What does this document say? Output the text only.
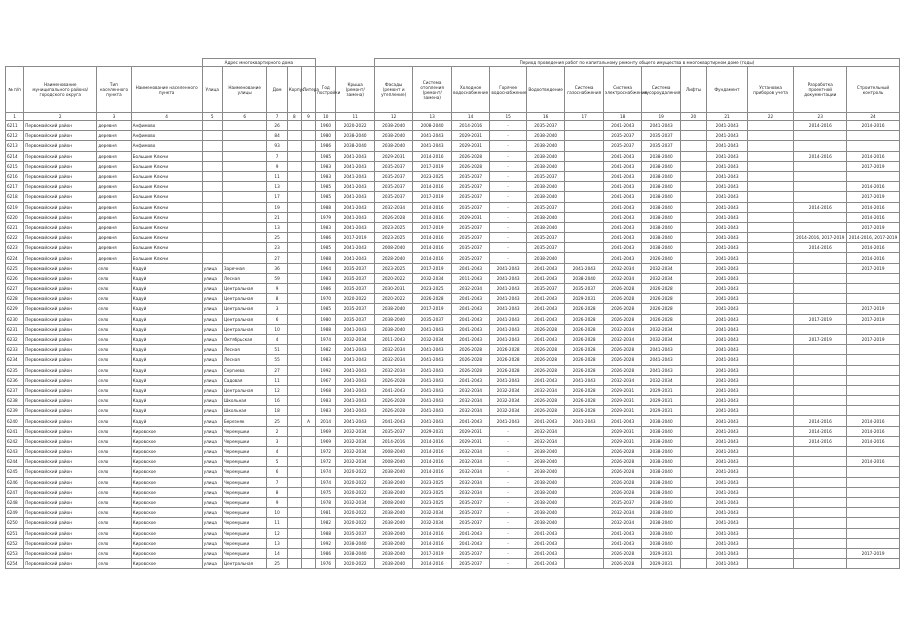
				Адрес многоквартирного дома							Период проведения работ по капитальному ремонту общего имущества в многоквартирном доме (годы)												
№ п/п	Наименование муниципального района/городского округа	Тип населенного пункта	Наименование населенного пункта	Улица	Наименование улицы	Дом	Корпус	Литера	Год постройки	Крыша (ремонт/замена)	Фасады (ремонт и утепление)	Система отопления (ремонт/замена)	Холодное водоснабжение	Горячее водоснабжение	Водоотведение	Система газоснабжения	Система электроснабжения	Система мусороудаления	Лифты	Фундамент	Установка приборов учета	Разработка проектной документации	Строительный контроль
1	2	3	4	5	6	7	8	9	10	11	12	13	14	15	16	17	18	19	20	21	22	23	24
6211	Первомайский район	деревня	Анфимово			26			1960	2020-2022	2038-2040	2008-2040	2014-2016	-	2035-2037		2041-2043	2041-2043		2041-2043		2014-2016	2014-2016
6212	Первомайский район	деревня	Анфимово			84			1980	2038-2040	2038-2040	2041-2043	2029-2031	-	2038-2040		2035-2037	2035-2037		2041-2043			
6213	Первомайский район	деревня	Анфимово			93			1986	2038-2040	2038-2040	2041-2043	2029-2031	-	2038-2040		2035-2037	2035-2037		2041-2043			
6214	Первомайский район	деревня	Большие Ключи			7			1985	2041-2043	2029-2031	2014-2016	2026-2028	-	2038-2040		2041-2043	2038-2040		2041-2043		2014-2016	2014-2016
6215	Первомайский район	деревня	Большие Ключи			9			1983	2041-2043	2035-2037	2017-2019	2026-2028	-	2038-2040		2041-2043	2038-2040		2041-2043			2017-2019
6216	Первомайский район	деревня	Большие Ключи			11			1983	2041-2043	2035-2037	2023-2025	2035-2037	-	2035-2037		2041-2043	2038-2040		2041-2043			
6217	Первомайский район	деревня	Большие Ключи			13			1985	2041-2043	2035-2037	2014-2016	2035-2037	-	2038-2040		2041-2043	2038-2040		2041-2043			2014-2016
6218	Первомайский район	деревня	Большие Ключи			17			1985	2041-2043	2035-2037	2017-2019	2035-2037	-	2038-2040		2041-2043	2038-2040		2041-2043			2017-2019
6219	Первомайский район	деревня	Большие Ключи			19			1988	2041-2043	2032-2034	2014-2016	2035-2037	-	2035-2037		2041-2043	2038-2040		2041-2043		2014-2016	2014-2016
6220	Первомайский район	деревня	Большие Ключи			21			1979	2041-2043	2026-2028	2014-2016	2029-2031	-	2038-2040		2041-2043	2038-2040		2041-2043			2014-2016
6221	Первомайский район	деревня	Большие Ключи			13			1983	2041-2043	2023-2025	2017-2019	2035-2037	-	2038-2040		2041-2043	2038-2040		2041-2043			2017-2019
6222	Первомайский район	деревня	Большие Ключи			25			1986	2017-2019	2023-2025	2014-2016	2035-2037	-	2035-2037		2041-2043	2038-2040		2041-2043		2014-2016, 2017-2019	2014-2016, 2017-2019
6223	Первомайский район	деревня	Большие Ключи			23			1985	2041-2043	2008-2040	2014-2016	2035-2037	-	2035-2037		2041-2043	2038-2040		2041-2043		2014-2016	2014-2016
6224	Первомайский район	деревня	Большие Ключи			27			1988	2041-2043	2028-2040	2014-2016	2035-2037	-	2038-2040		2041-2043	2026-2040		2041-2043			2014-2016
6225	Первомайский район	село	Кадуй	улица	Заречная	36			1964	2035-2037	2023-2025	2017-2019	2041-2043	2041-2043	2041-2043	2041-2043	2032-2034	2032-2034		2041-2043			2017-2019
6226	Первомайский район	село	Кадуй	улица	Лесная	59			1983	2035-2037	2020-2022	2032-2034	2011-2043	2041-2043	2041-2043	2038-2040	2032-2034	2032-2034		2041-2043			
6227	Первомайский район	село	Кадуй	улица	Центральная	9			1986	2035-2037	2030-2031	2023-2025	2032-2034	2041-2043	2035-2037	2035-2037	2026-2028	2026-2028		2041-2043			
6228	Первомайский район	село	Кадуй	улица	Центральная	8			1970	2020-2022	2020-2022	2026-2028	2041-2043	2041-2043	2041-2043	2029-2031	2026-2028	2026-2028		2041-2043			
6229	Первомайский район	село	Кадуй	улица	Центральная	3			1985	2035-2037	2038-2040	2017-2019	2041-2043	2041-2043	2041-2043	2026-2028	2026-2028	2026-2028		2041-2043			2017-2019
6230	Первомайский район	село	Кадуй	улица	Центральная	6			1980	2035-2037	2038-2040	2035-2037	2041-2043	2041-2043	2041-2043	2026-2028	2026-2028	2026-2028		2041-2043		2017-2019	2017-2019
6231	Первомайский район	село	Кадуй	улица	Центральная	10			1988	2041-2043	2038-2040	2041-2043	2041-2043	2041-2043	2026-2028	2026-2028	2032-2034	2032-2034		2041-2043			
6232	Первомайский район	село	Кадуй	улица	Октябрьская	4			1974	2032-2034	2011-2043	2032-2034	2041-2043	2041-2043	2041-2043	2026-2028	2032-2034	2032-2034		2041-2043		2017-2019	2017-2019
6233	Первомайский район	село	Кадуй	улица	Лесная	51			1982	2041-2043	2032-2034	2041-2043	2026-2028	2026-2028	2026-2028	2026-2028	2026-2028	2041-2043		2041-2043			
6234	Первомайский район	село	Кадуй	улица	Лесная	55			1983	2041-2043	2032-2034	2041-2043	2026-2028	2026-2028	2026-2028	2026-2028	2026-2028	2041-2043		2041-2043			
6235	Первомайский район	село	Кадуй	улица	Сергиева	27			1992	2041-2043	2032-2034	2041-2043	2026-2028	2026-2028	2026-2028	2026-2028	2026-2028	2041-2043		2041-2043			
6236	Первомайский район	село	Кадуй	улица	Садовая	11			1967	2041-2043	2026-2028	2041-2043	2041-2043	2041-2043	2041-2043	2041-2043	2032-2034	2032-2034		2041-2043			
6237	Первомайский район	село	Кадуй	улица	Центральная	12			1968	2041-2043	2041-2043	2041-2043	2032-2034	2032-2034	2032-2034	2026-2028	2029-2031	2029-2031		2041-2043			
6238	Первомайский район	село	Кадуй	улица	Школьная	16			1983	2041-2043	2026-2028	2041-2043	2032-2034	2032-2034	2026-2028	2026-2028	2029-2031	2029-2031		2041-2043			
6239	Первомайский район	село	Кадуй	улица	Школьная	18			1983	2041-2043	2026-2028	2041-2043	2032-2034	2032-2034	2026-2028	2026-2028	2029-2031	2029-2031		2041-2043			
6240	Первомайский район	село	Кадуй	улица	Березняк	25		А	2014	2041-2043	2041-2043	2041-2043	2041-2043	2041-2043	2041-2043	2041-2043	2041-2043	2038-2040		2041-2043		2014-2016	2014-2016
6241	Первомайский район	село	Кировское	улица	Черемушки	2			1969	2032-2034	2035-2037	2029-2031	2029-2031	-	2032-2034		2029-2031	2038-2040		2041-2043		2014-2016	2014-2016
6242	Первомайский район	село	Кировское	улица	Черемушки	3			1969	2032-2034	2014-2016	2014-2016	2029-2031	-	2032-2034		2029-2031	2038-2040		2041-2043		2014-2016	2014-2016
6243	Первомайский район	село	Кировское	улица	Черемушки	4			1972	2032-2034	2008-2040	2014-2016	2032-2034	-	2038-2040		2026-2028	2038-2040		2041-2043			
6244	Первомайский район	село	Кировское	улица	Черемушки	5			1972	2032-2034	2008-2040	2014-2016	2032-2034	-	2038-2040		2026-2028	2038-2040		2041-2043			2014-2016
6245	Первомайский район	село	Кировское	улица	Черемушки	6			1974	2020-2022	2038-2040	2014-2016	2032-2034	-	2038-2040		2026-2028	2038-2040		2041-2043			
6246	Первомайский район	село	Кировское	улица	Черемушки	7			1974	2020-2022	2038-2040	2023-2025	2032-2034	-	2038-2040		2026-2028	2038-2040		2041-2043			
6247	Первомайский район	село	Кировское	улица	Черемушки	8			1975	2020-2022	2038-2040	2023-2025	2032-2034	-	2038-2040		2026-2028	2038-2040		2041-2043			
6248	Первомайский район	село	Кировское	улица	Черемушки	9			1978	2032-2034	2008-2040	2023-2025	2035-2037	-	2038-2040		2035-2037	2038-2040		2041-2043			
6249	Первомайский район	село	Кировское	улица	Черемушки	10			1981	2020-2022	2038-2040	2032-2034	2035-2037	-	2038-2040		2032-2034	2038-2040		2041-2043			
6250	Первомайский район	село	Кировское	улица	Черемушки	11			1982	2020-2022	2038-2040	2032-2034	2035-2037	-	2038-2040		2032-2034	2038-2040		2041-2043			
6251	Первомайский район	село	Кировское	улица	Черемушки	12			1988	2035-2037	2038-2040	2014-2016	2041-2043	-	2041-2043		2041-2043	2038-2040		2041-2043			
6252	Первомайский район	село	Кировское	улица	Черемушки	13			1992	2038-2040	2038-2040	2014-2016	2041-2043	-	2041-2043		2041-2043	2038-2040		2041-2043			
6253	Первомайский район	село	Кировское	улица	Черемушки	14			1986	2038-2040	2038-2040	2017-2019	2035-2037	-	2041-2043		2026-2028	2029-2031		2041-2043			2017-2019
6254	Первомайский район	село	Кировское	улица	Центральная	25			1976	2020-2022	2038-2040	2014-2016	2035-2037	-	2041-2043		2026-2028	2029-2031		2041-2043			
